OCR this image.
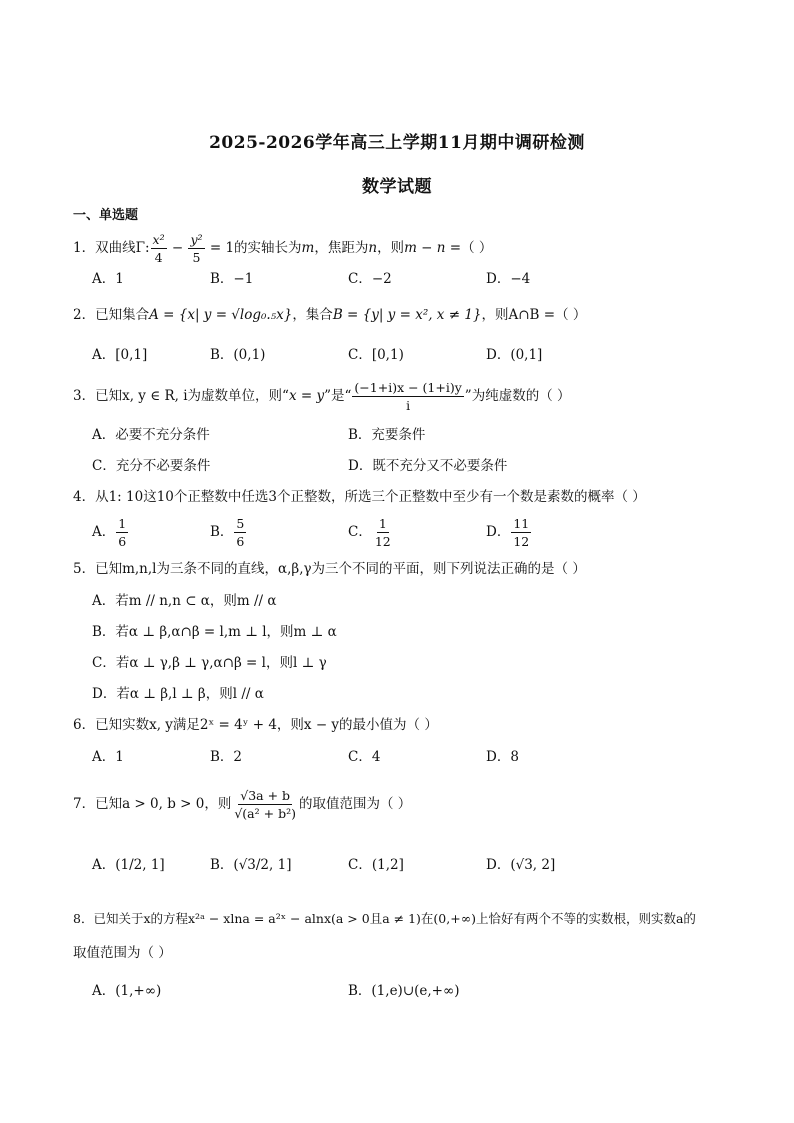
2025-2026学年高三上学期11月期中调研检测
数学试题
一、单选题
1．双曲线Γ: $\frac{\text{x²}}{4} - \frac{\text{y²}}{5} = 1$的实轴长为m，焦距为n，则m − n =（ ）
A．1	B．−1	C．−2	D．−4
2．已知集合A = {x| y = √log₀.₅x}，集合B = {y| y = x², x ≠ 1}，则A∩B =（ ）
A．[0,1]	B．(0,1)	C．[0,1)	D．(0,1]
3．已知x, y ∈ R, i为虚数单位，则“x = y”是“ $\frac{(-1+i)x - (1+i)y}{i}$ ”为纯虚数的（ ）
A．必要不充分条件	B．充要条件
C．充分不必要条件	D．既不充分又不必要条件
4．从1: 10这10个正整数中任选3个正整数，所选三个正整数中至少有一个数是素数的概率（ ）
A． $\frac{1}{6}$	B． $\frac{5}{6}$	C． $\frac{1}{12}$	D． $\frac{11}{12}$
5．已知m,n,l为三条不同的直线，α,β,γ为三个不同的平面，则下列说法正确的是（ ）
A．若m // n,n ⊂ α，则m // α
B．若α ⊥ β,α∩β = l,m ⊥ l，则m ⊥ α
C．若α ⊥ γ,β ⊥ γ,α∩β = l，则l ⊥ γ
D．若α ⊥ β,l ⊥ β，则l // α
6．已知实数x, y满足2ˣ = 4ʸ + 4，则x − y的最小值为（ ）
A．1	B．2	C．4	D．8
7．已知a > 0, b > 0，则 $\frac{√3a + b}{\text{√(a² + b²)}}$ 的取值范围为（ ）
A．(1/2, 1]	B．(√3/2, 1]	C．(1,2]	D．(√3, 2]
8．已知关于x的方程x²ᵃ − xlna = a²ˣ − alnx(a > 0且a ≠ 1)在(0,+∞)上恰好有两个不等的实数根，则实数a的
取值范围为（ ）
A．(1,+∞)	B．(1,e)∪(e,+∞)
